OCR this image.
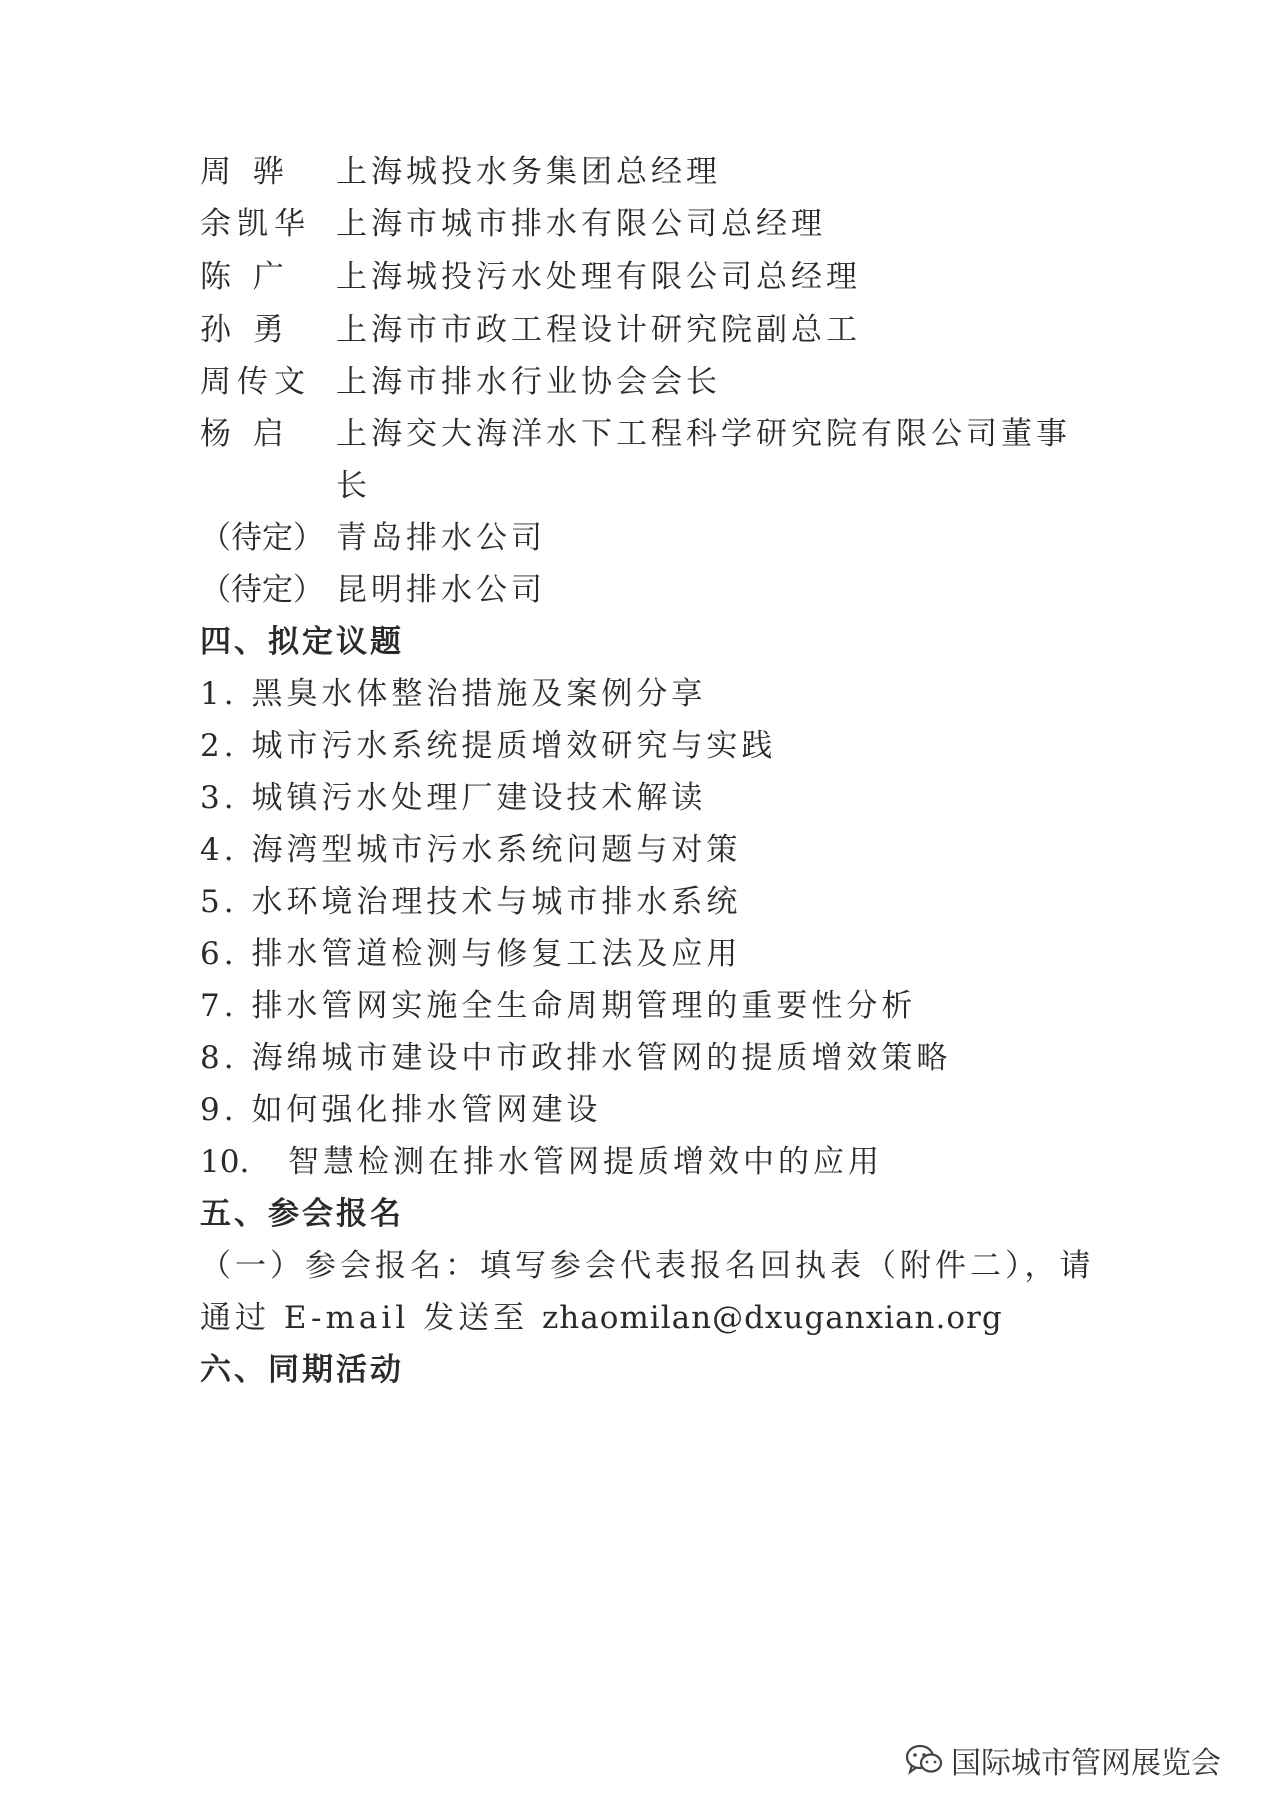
周 骅 上海城投水务集团总经理
余凯华 上海市城市排水有限公司总经理
陈 广 上海城投污水处理有限公司总经理
孙 勇 上海市市政工程设计研究院副总工
周传文 上海市排水行业协会会长
杨 启 上海交大海洋水下工程科学研究院有限公司董事
长
（待定） 青岛排水公司
（待定） 昆明排水公司
四、拟定议题
1. 黑臭水体整治措施及案例分享
2. 城市污水系统提质增效研究与实践
3. 城镇污水处理厂建设技术解读
4. 海湾型城市污水系统问题与对策
5. 水环境治理技术与城市排水系统
6. 排水管道检测与修复工法及应用
7. 排水管网实施全生命周期管理的重要性分析
8. 海绵城市建设中市政排水管网的提质增效策略
9. 如何强化排水管网建设
10. 智慧检测在排水管网提质增效中的应用
五、参会报名
（一）参会报名：填写参会代表报名回执表（附件二），请
通过 E-mail 发送至 zhaomilan@dxuganxian.org
六、同期活动
国际城市管网展览会
